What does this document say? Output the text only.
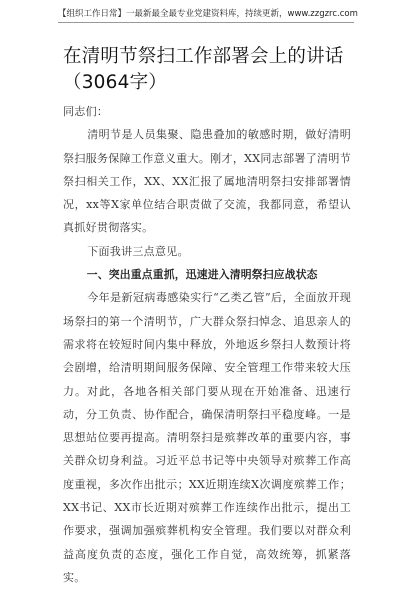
【组织工作日常】一最新最全最专业党建资料库，持续更新，www.zzgzrc.com
在清明节祭扫工作部署会上的讲话（3064字）

同志们：

清明节是人员集聚、隐患叠加的敏感时期，做好清明祭扫服务保障工作意义重大。刚才，XX同志部署了清明节祭扫相关工作，XX、XX汇报了属地清明祭扫安排部署情况，xx等X家单位结合职责做了交流，我都同意，希望认真抓好贯彻落实。

下面我讲三点意见。

一、突出重点重抓，迅速进入清明祭扫应战状态

今年是新冠病毒感染实行“乙类乙管”后，全面放开现场祭扫的第一个清明节，广大群众祭扫悼念、追思亲人的需求将在较短时间内集中释放，外地返乡祭扫人数预计将会剧增，给清明期间服务保障、安全管理工作带来较大压力。对此，各地各相关部门要从现在开始准备、迅速行动，分工负责、协作配合，确保清明祭扫平稳度峰。一是思想站位要再提高。清明祭扫是殡葬改革的重要内容，事关群众切身利益。习近平总书记等中央领导对殡葬工作高度重视，多次作出批示；XX近期连续X次调度殡葬工作；XX书记、XX市长近期对殡葬工作连续作出批示，提出工作要求，强调加强殡葬机构安全管理。我们要以对群众利益高度负责的态度，强化工作自觉，高效统筹，抓紧落实。
